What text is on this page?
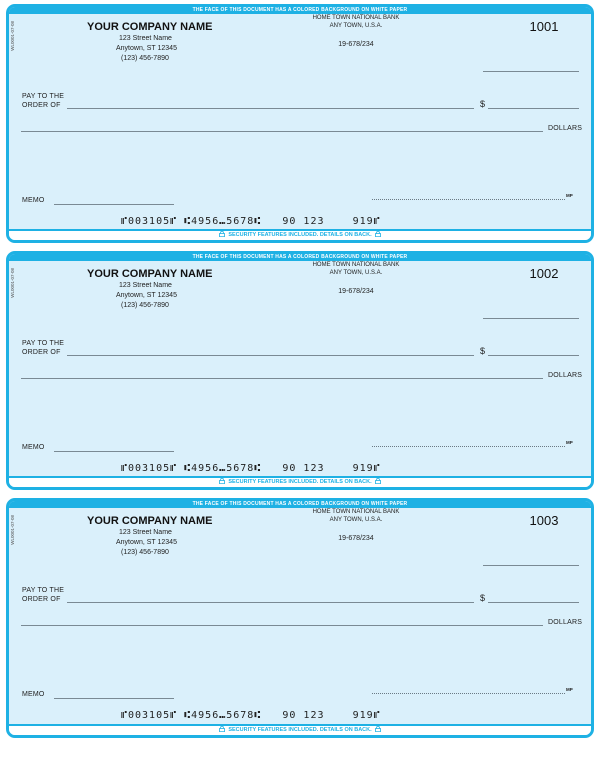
THE FACE OF THIS DOCUMENT HAS A COLORED BACKGROUND ON WHITE PAPER
WL0001-07-08	YOUR COMPANY NAME
123 Street Name
Anytown, ST 12345
(123) 456-7890
HOME TOWN NATIONAL BANK
ANY TOWN, U.S.A.
19-678/234
1001
PAY TO THE
ORDER OF	$
DOLLARS
MEMO
MP
⑈003105⑈ ⑆4956⑉5678⑆   90 123    919⑈
SECURITY FEATURES INCLUDED. DETAILS ON BACK.
THE FACE OF THIS DOCUMENT HAS A COLORED BACKGROUND ON WHITE PAPER
WL0001-07-08	YOUR COMPANY NAME
123 Street Name
Anytown, ST 12345
(123) 456-7890
HOME TOWN NATIONAL BANK
ANY TOWN, U.S.A.
19-678/234
1002
PAY TO THE
ORDER OF	$
DOLLARS
MEMO
MP
⑈003105⑈ ⑆4956⑉5678⑆   90 123    919⑈
SECURITY FEATURES INCLUDED. DETAILS ON BACK.
THE FACE OF THIS DOCUMENT HAS A COLORED BACKGROUND ON WHITE PAPER
WL0001-07-08	YOUR COMPANY NAME
123 Street Name
Anytown, ST 12345
(123) 456-7890
HOME TOWN NATIONAL BANK
ANY TOWN, U.S.A.
19-678/234
1003
PAY TO THE
ORDER OF	$
DOLLARS
MEMO
MP
⑈003105⑈ ⑆4956⑉5678⑆   90 123    919⑈
SECURITY FEATURES INCLUDED. DETAILS ON BACK.
